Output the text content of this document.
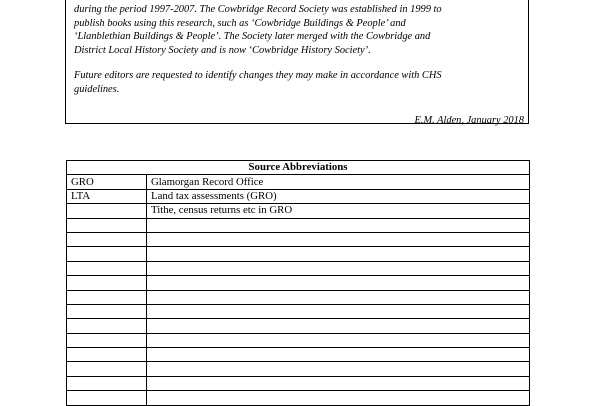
during the period 1997-2007. The Cowbridge Record Society was established in 1999 to
publish books using this research, such as ‘Cowbridge Buildings & People’ and
‘Llanblethian Buildings & People’. The Society later merged with the Cowbridge and
District Local History Society and is now ‘Cowbridge History Society’.
Future editors are requested to identify changes they may make in accordance with CHS
guidelines.
E.M. Alden, January 2018
Source Abbreviations	
GRO	Glamorgan Record Office
LTA	Land tax assessments (GRO)
	Tithe, census returns etc in GRO
